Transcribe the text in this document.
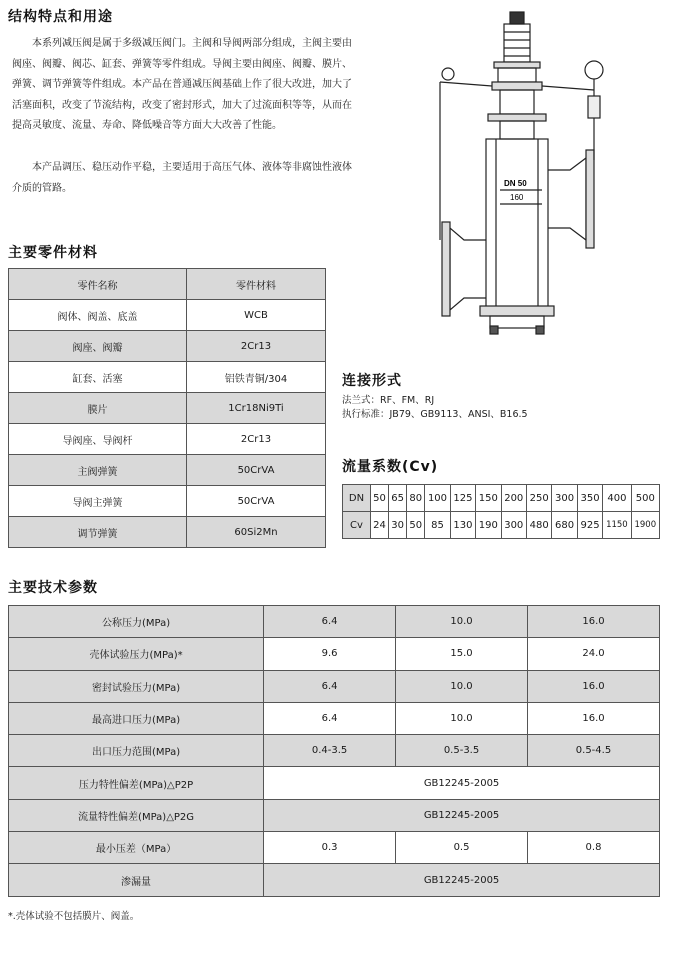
结构特点和用途
本系列减压阀是属于多级减压阀门。主阀和导阀两部分组成，主阀主要由阀座、阀瓣、阀芯、缸套、弹簧等零件组成。导阀主要由阀座、阀瓣、膜片、弹簧、调节弹簧等件组成。本产品在普通减压阀基础上作了很大改进，加大了活塞面积，改变了节流结构，改变了密封形式，加大了过流面积等等，从而在提高灵敏度、流量、寿命、降低噪音等方面大大改善了性能。
本产品调压、稳压动作平稳，主要适用于高压气体、液体等非腐蚀性液体介质的管路。	DN 50
160
主要零件材料
零件名称	零件材料
阀体、阀盖、底盖	WCB
阀座、阀瓣	2Cr13
缸套、活塞	铝铁青铜/304
膜片	1Cr18Ni9Ti
导阀座、导阀杆	2Cr13
主阀弹簧	50CrVA
导阀主弹簧	50CrVA
调节弹簧	60Si2Mn
连接形式
法兰式：RF、FM、RJ
执行标准：JB79、GB9113、ANSI、B16.5
流量系数(Cv)
DN	50	65	80	100	125	150	200	250	300	350	400	500
Cv	24	30	50	85	130	190	300	480	680	925	1150	1900
主要技术参数
公称压力(MPa)	6.4	10.0	16.0
壳体试验压力(MPa)*	9.6	15.0	24.0
密封试验压力(MPa)	6.4	10.0	16.0
最高进口压力(MPa)	6.4	10.0	16.0
出口压力范围(MPa)	0.4-3.5	0.5-3.5	0.5-4.5
压力特性偏差(MPa)△P2P	GB12245-2005		
流量特性偏差(MPa)△P2G	GB12245-2005		
最小压差（MPa）	0.3	0.5	0.8
渗漏量	GB12245-2005		
*.壳体试验不包括膜片、阀盖。
